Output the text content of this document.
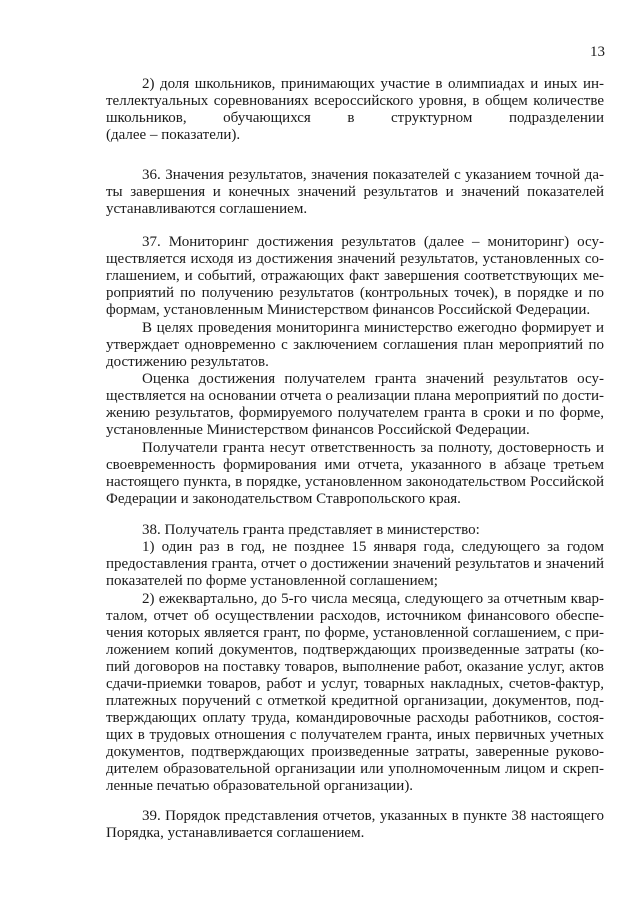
13
2) доля школьников, принимающих участие в олимпиадах и иных ин-
теллектуальных соревнованиях всероссийского уровня, в общем количестве
школьников, обучающихся в структурном подразделении
(далее – показатели).
36. Значения результатов, значения показателей с указанием точной да-
ты завершения и конечных значений результатов и значений показателей
устанавливаются соглашением.
37. Мониторинг достижения результатов (далее – мониторинг) осу-
ществляется исходя из достижения значений результатов, установленных со-
глашением, и событий, отражающих факт завершения соответствующих ме-
роприятий по получению результатов (контрольных точек), в порядке и по
формам, установленным Министерством финансов Российской Федерации.
В целях проведения мониторинга министерство ежегодно формирует и
утверждает одновременно с заключением соглашения план мероприятий по
достижению результатов.
Оценка достижения получателем гранта значений результатов осу-
ществляется на основании отчета о реализации плана мероприятий по дости-
жению результатов, формируемого получателем гранта в сроки и по форме,
установленные Министерством финансов Российской Федерации.
Получатели гранта несут ответственность за полноту, достоверность и
своевременность формирования ими отчета, указанного в абзаце третьем
настоящего пункта, в порядке, установленном законодательством Российской
Федерации и законодательством Ставропольского края.
38. Получатель гранта представляет в министерство:
1) один раз в год, не позднее 15 января года, следующего за годом
предоставления гранта, отчет о достижении значений результатов и значений
показателей по форме установленной соглашением;
2) ежеквартально, до 5-го числа месяца, следующего за отчетным квар-
талом, отчет об осуществлении расходов, источником финансового обеспе-
чения которых является грант, по форме, установленной соглашением, с при-
ложением копий документов, подтверждающих произведенные затраты (ко-
пий договоров на поставку товаров, выполнение работ, оказание услуг, актов
сдачи-приемки товаров, работ и услуг, товарных накладных, счетов-фактур,
платежных поручений с отметкой кредитной организации, документов, под-
тверждающих оплату труда, командировочные расходы работников, состоя-
щих в трудовых отношения с получателем гранта, иных первичных учетных
документов, подтверждающих произведенные затраты, заверенные руково-
дителем образовательной организации или уполномоченным лицом и скреп-
ленные печатью образовательной организации).
39. Порядок представления отчетов, указанных в пункте 38 настоящего
Порядка, устанавливается соглашением.
